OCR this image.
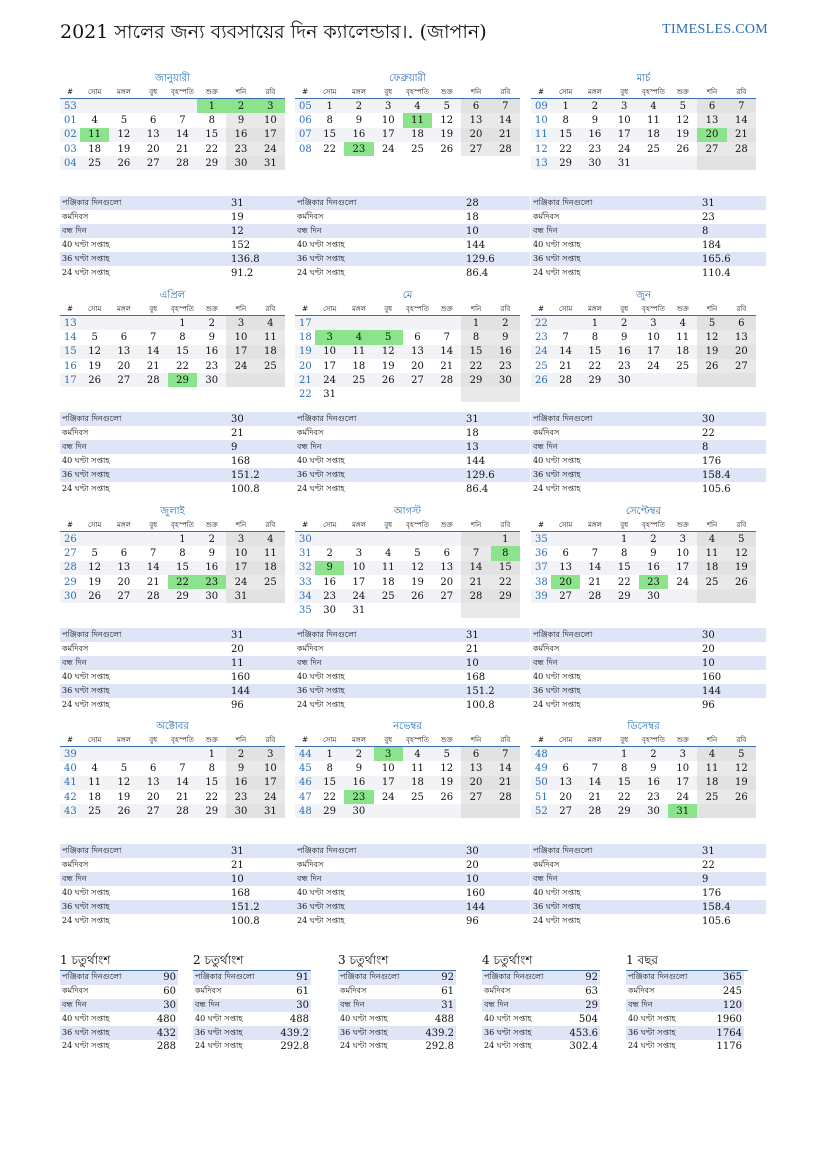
2021 সালের জন্য ব্যবসায়ের দিন ক্যালেন্ডার।. (জাপান)	TIMESLES.COM
জানুয়ারী
#	সোম	মঙ্গল	বুধ	বৃহস্পতি	শুক্র	শনি	রবি
53					1	2	3
01	4	5	6	7	8	9	10
02	11	12	13	14	15	16	17
03	18	19	20	21	22	23	24
04	25	26	27	28	29	30	31
পঞ্জিকার দিনগুলো	31
কর্মদিবস	19
বন্ধ দিন	12
40 ঘণ্টা সপ্তাহ	152
36 ঘণ্টা সপ্তাহ	136.8
24 ঘণ্টা সপ্তাহ	91.2
ফেব্রুয়ারী
#	সোম	মঙ্গল	বুধ	বৃহস্পতি	শুক্র	শনি	রবি
05	1	2	3	4	5	6	7
06	8	9	10	11	12	13	14
07	15	16	17	18	19	20	21
08	22	23	24	25	26	27	28
পঞ্জিকার দিনগুলো	28
কর্মদিবস	18
বন্ধ দিন	10
40 ঘণ্টা সপ্তাহ	144
36 ঘণ্টা সপ্তাহ	129.6
24 ঘণ্টা সপ্তাহ	86.4
মার্চ
#	সোম	মঙ্গল	বুধ	বৃহস্পতি	শুক্র	শনি	রবি
09	1	2	3	4	5	6	7
10	8	9	10	11	12	13	14
11	15	16	17	18	19	20	21
12	22	23	24	25	26	27	28
13	29	30	31				
পঞ্জিকার দিনগুলো	31
কর্মদিবস	23
বন্ধ দিন	8
40 ঘণ্টা সপ্তাহ	184
36 ঘণ্টা সপ্তাহ	165.6
24 ঘণ্টা সপ্তাহ	110.4
এপ্রিল
#	সোম	মঙ্গল	বুধ	বৃহস্পতি	শুক্র	শনি	রবি
13				1	2	3	4
14	5	6	7	8	9	10	11
15	12	13	14	15	16	17	18
16	19	20	21	22	23	24	25
17	26	27	28	29	30		
পঞ্জিকার দিনগুলো	30
কর্মদিবস	21
বন্ধ দিন	9
40 ঘণ্টা সপ্তাহ	168
36 ঘণ্টা সপ্তাহ	151.2
24 ঘণ্টা সপ্তাহ	100.8
মে
#	সোম	মঙ্গল	বুধ	বৃহস্পতি	শুক্র	শনি	রবি
17						1	2
18	3	4	5	6	7	8	9
19	10	11	12	13	14	15	16
20	17	18	19	20	21	22	23
21	24	25	26	27	28	29	30
22	31						
পঞ্জিকার দিনগুলো	31
কর্মদিবস	18
বন্ধ দিন	13
40 ঘণ্টা সপ্তাহ	144
36 ঘণ্টা সপ্তাহ	129.6
24 ঘণ্টা সপ্তাহ	86.4
জুন
#	সোম	মঙ্গল	বুধ	বৃহস্পতি	শুক্র	শনি	রবি
22		1	2	3	4	5	6
23	7	8	9	10	11	12	13
24	14	15	16	17	18	19	20
25	21	22	23	24	25	26	27
26	28	29	30				
পঞ্জিকার দিনগুলো	30
কর্মদিবস	22
বন্ধ দিন	8
40 ঘণ্টা সপ্তাহ	176
36 ঘণ্টা সপ্তাহ	158.4
24 ঘণ্টা সপ্তাহ	105.6
জুলাই
#	সোম	মঙ্গল	বুধ	বৃহস্পতি	শুক্র	শনি	রবি
26				1	2	3	4
27	5	6	7	8	9	10	11
28	12	13	14	15	16	17	18
29	19	20	21	22	23	24	25
30	26	27	28	29	30	31	
পঞ্জিকার দিনগুলো	31
কর্মদিবস	20
বন্ধ দিন	11
40 ঘণ্টা সপ্তাহ	160
36 ঘণ্টা সপ্তাহ	144
24 ঘণ্টা সপ্তাহ	96
আগস্ট
#	সোম	মঙ্গল	বুধ	বৃহস্পতি	শুক্র	শনি	রবি
30							1
31	2	3	4	5	6	7	8
32	9	10	11	12	13	14	15
33	16	17	18	19	20	21	22
34	23	24	25	26	27	28	29
35	30	31					
পঞ্জিকার দিনগুলো	31
কর্মদিবস	21
বন্ধ দিন	10
40 ঘণ্টা সপ্তাহ	168
36 ঘণ্টা সপ্তাহ	151.2
24 ঘণ্টা সপ্তাহ	100.8
সেপ্টেম্বর
#	সোম	মঙ্গল	বুধ	বৃহস্পতি	শুক্র	শনি	রবি
35			1	2	3	4	5
36	6	7	8	9	10	11	12
37	13	14	15	16	17	18	19
38	20	21	22	23	24	25	26
39	27	28	29	30			
পঞ্জিকার দিনগুলো	30
কর্মদিবস	20
বন্ধ দিন	10
40 ঘণ্টা সপ্তাহ	160
36 ঘণ্টা সপ্তাহ	144
24 ঘণ্টা সপ্তাহ	96
অক্টোবর
#	সোম	মঙ্গল	বুধ	বৃহস্পতি	শুক্র	শনি	রবি
39					1	2	3
40	4	5	6	7	8	9	10
41	11	12	13	14	15	16	17
42	18	19	20	21	22	23	24
43	25	26	27	28	29	30	31
পঞ্জিকার দিনগুলো	31
কর্মদিবস	21
বন্ধ দিন	10
40 ঘণ্টা সপ্তাহ	168
36 ঘণ্টা সপ্তাহ	151.2
24 ঘণ্টা সপ্তাহ	100.8
নভেম্বর
#	সোম	মঙ্গল	বুধ	বৃহস্পতি	শুক্র	শনি	রবি
44	1	2	3	4	5	6	7
45	8	9	10	11	12	13	14
46	15	16	17	18	19	20	21
47	22	23	24	25	26	27	28
48	29	30					
পঞ্জিকার দিনগুলো	30
কর্মদিবস	20
বন্ধ দিন	10
40 ঘণ্টা সপ্তাহ	160
36 ঘণ্টা সপ্তাহ	144
24 ঘণ্টা সপ্তাহ	96
ডিসেম্বর
#	সোম	মঙ্গল	বুধ	বৃহস্পতি	শুক্র	শনি	রবি
48			1	2	3	4	5
49	6	7	8	9	10	11	12
50	13	14	15	16	17	18	19
51	20	21	22	23	24	25	26
52	27	28	29	30	31		
পঞ্জিকার দিনগুলো	31
কর্মদিবস	22
বন্ধ দিন	9
40 ঘণ্টা সপ্তাহ	176
36 ঘণ্টা সপ্তাহ	158.4
24 ঘণ্টা সপ্তাহ	105.6
1 চতুর্থাংশ
পঞ্জিকার দিনগুলো	90
কর্মদিবস	60
বন্ধ দিন	30
40 ঘণ্টা সপ্তাহ	480
36 ঘণ্টা সপ্তাহ	432
24 ঘণ্টা সপ্তাহ	288
2 চতুর্থাংশ
পঞ্জিকার দিনগুলো	91
কর্মদিবস	61
বন্ধ দিন	30
40 ঘণ্টা সপ্তাহ	488
36 ঘণ্টা সপ্তাহ	439.2
24 ঘণ্টা সপ্তাহ	292.8
3 চতুর্থাংশ
পঞ্জিকার দিনগুলো	92
কর্মদিবস	61
বন্ধ দিন	31
40 ঘণ্টা সপ্তাহ	488
36 ঘণ্টা সপ্তাহ	439.2
24 ঘণ্টা সপ্তাহ	292.8
4 চতুর্থাংশ
পঞ্জিকার দিনগুলো	92
কর্মদিবস	63
বন্ধ দিন	29
40 ঘণ্টা সপ্তাহ	504
36 ঘণ্টা সপ্তাহ	453.6
24 ঘণ্টা সপ্তাহ	302.4
1 বছর
পঞ্জিকার দিনগুলো	365
কর্মদিবস	245
বন্ধ দিন	120
40 ঘণ্টা সপ্তাহ	1960
36 ঘণ্টা সপ্তাহ	1764
24 ঘণ্টা সপ্তাহ	1176
